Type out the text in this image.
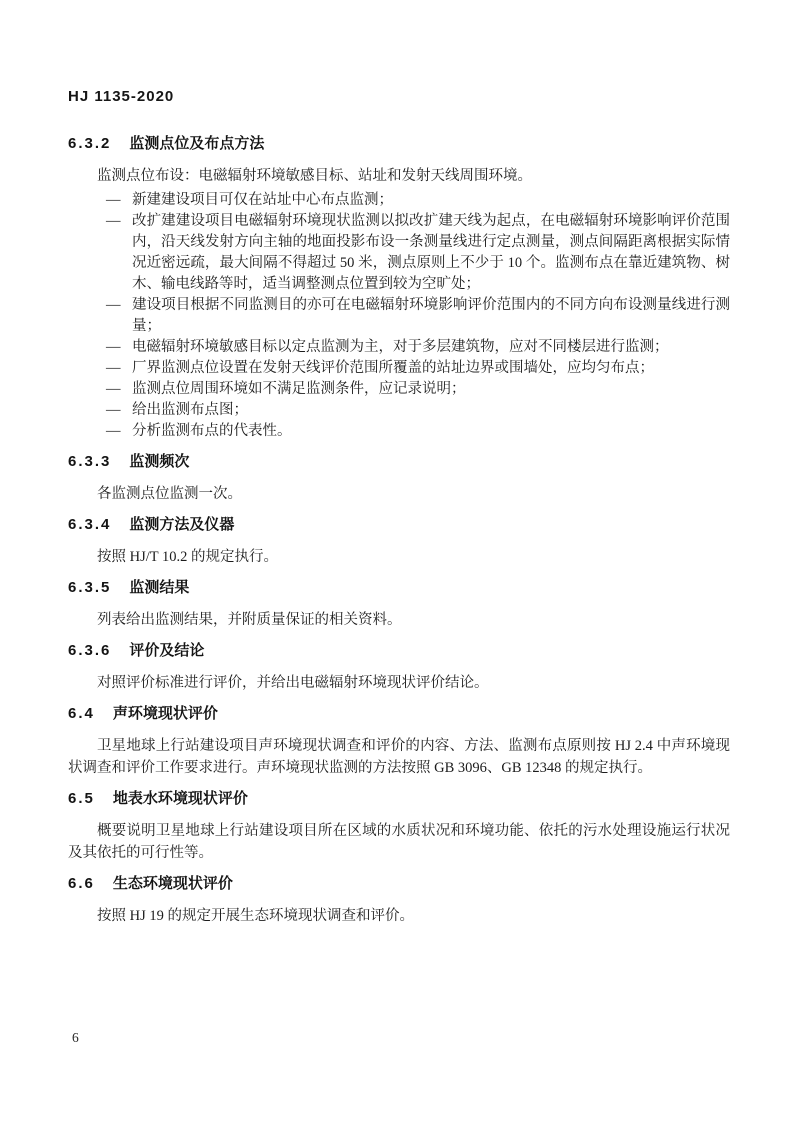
HJ 1135-2020
6.3.2 监测点位及布点方法

监测点位布设：电磁辐射环境敏感目标、站址和发射天线周围环境。

— 新建建设项目可仅在站址中心布点监测；
— 改扩建建设项目电磁辐射环境现状监测以拟改扩建天线为起点，在电磁辐射环境影响评价范围内，沿天线发射方向主轴的地面投影布设一条测量线进行定点测量，测点间隔距离根据实际情况近密远疏，最大间隔不得超过 50 米，测点原则上不少于 10 个。监测布点在靠近建筑物、树木、输电线路等时，适当调整测点位置到较为空旷处；
— 建设项目根据不同监测目的亦可在电磁辐射环境影响评价范围内的不同方向布设测量线进行测量；
— 电磁辐射环境敏感目标以定点监测为主，对于多层建筑物，应对不同楼层进行监测；
— 厂界监测点位设置在发射天线评价范围所覆盖的站址边界或围墙处，应均匀布点；
— 监测点位周围环境如不满足监测条件，应记录说明；
— 给出监测布点图；
— 分析监测布点的代表性。
6.3.3 监测频次

各监测点位监测一次。

6.3.4 监测方法及仪器

按照 HJ/T 10.2 的规定执行。

6.3.5 监测结果

列表给出监测结果，并附质量保证的相关资料。

6.3.6 评价及结论

对照评价标准进行评价，并给出电磁辐射环境现状评价结论。

6.4 声环境现状评价

卫星地球上行站建设项目声环境现状调查和评价的内容、方法、监测布点原则按 HJ 2.4 中声环境现状调查和评价工作要求进行。声环境现状监测的方法按照 GB 3096、GB 12348 的规定执行。

6.5 地表水环境现状评价

概要说明卫星地球上行站建设项目所在区域的水质状况和环境功能、依托的污水处理设施运行状况及其依托的可行性等。

6.6 生态环境现状评价

按照 HJ 19 的规定开展生态环境现状调查和评价。

6
